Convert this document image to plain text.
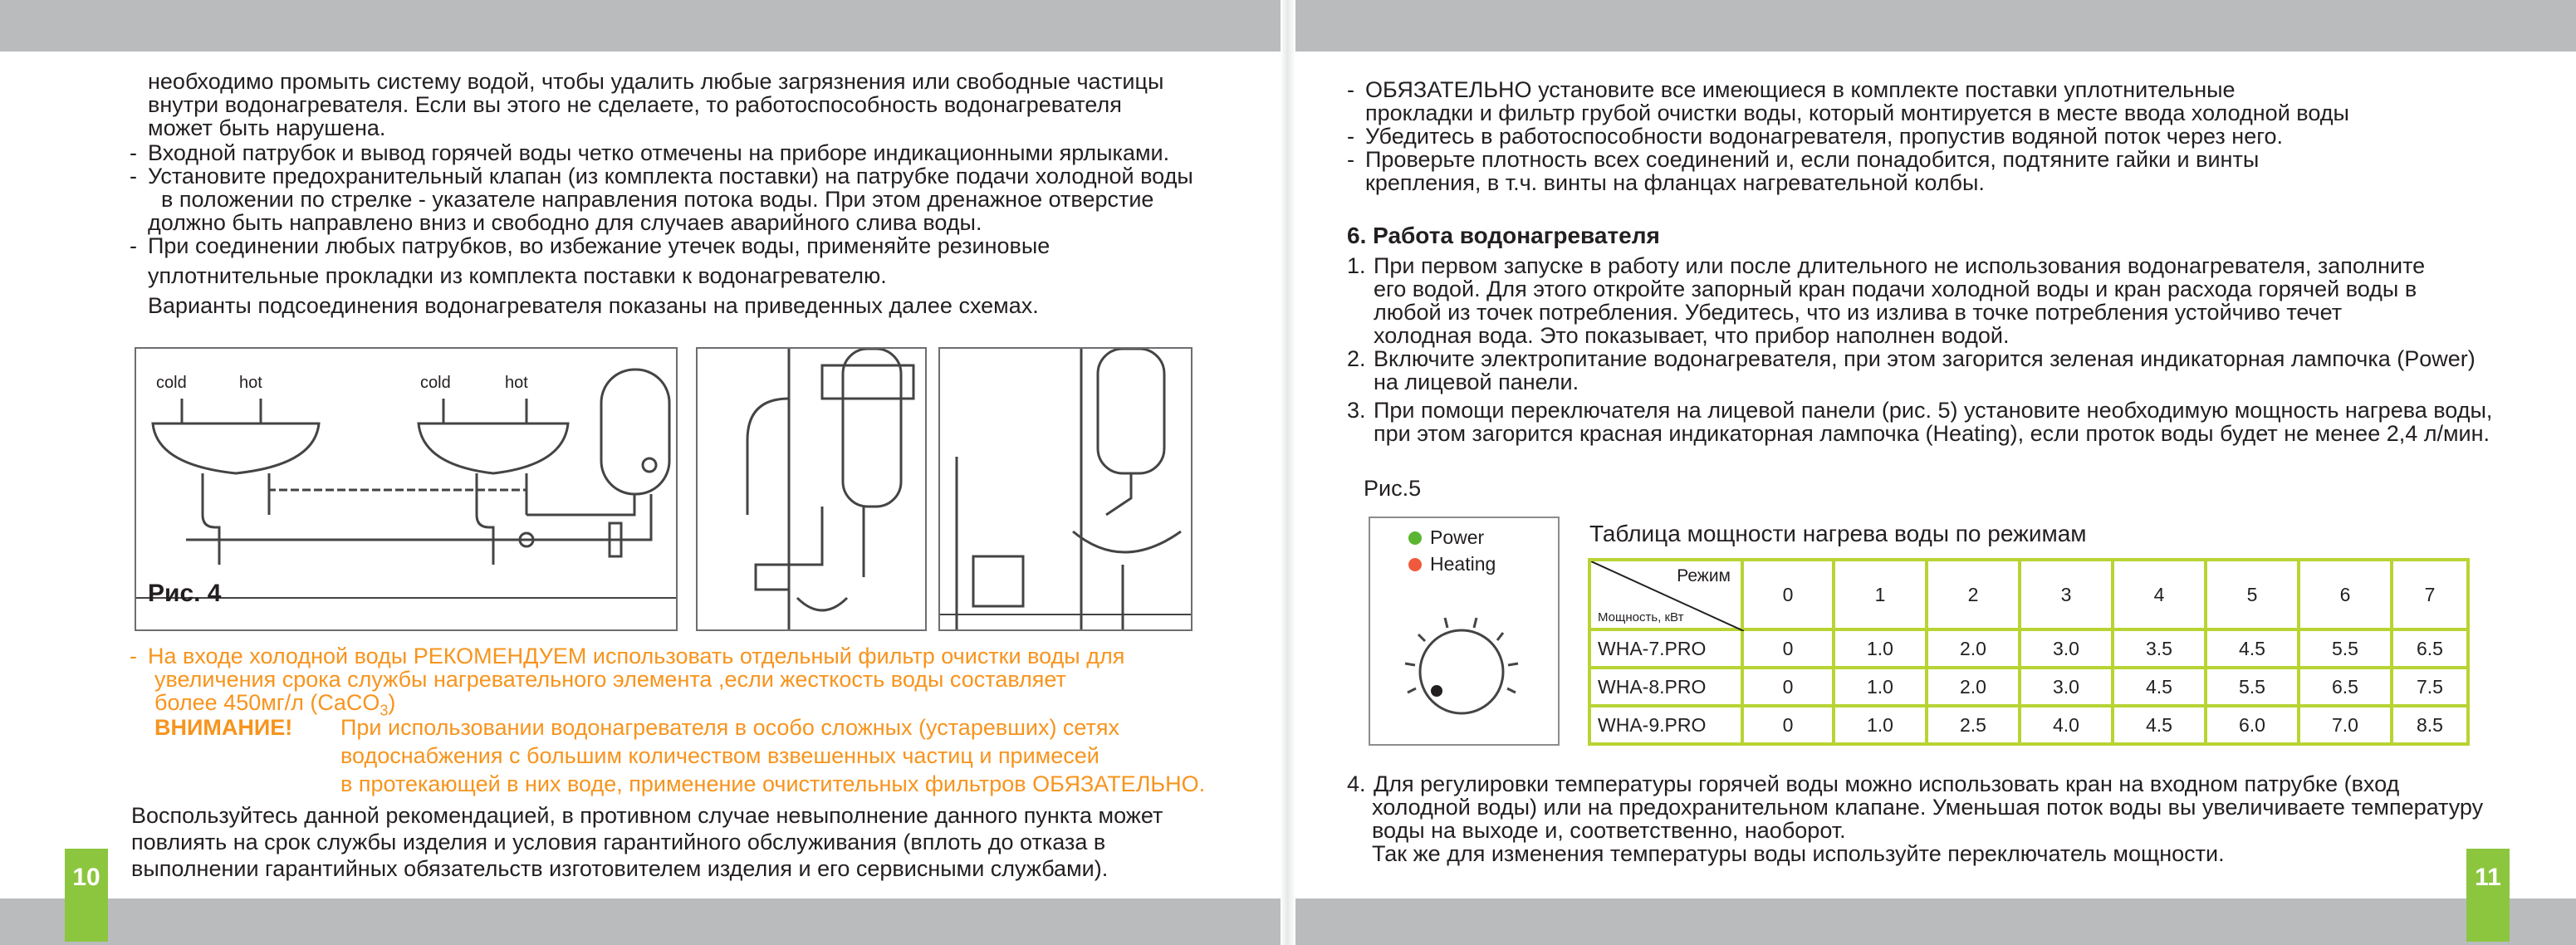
10	11

необходимо промыть систему водой, чтобы удалить любые загрязнения или свободные частицы

внутри водонагревателя. Если вы этого не сделаете, то работоспособность водонагревателя

может быть нарушена.

- Входной патрубок и вывод горячей воды четко отмечены на приборе индикационными ярлыками.

- Установите предохранительный клапан (из комплекта поставки) на патрубке подачи холодной воды

в положении по стрелке - указателе направления потока воды. При этом дренажное отверстие

должно быть направлено вниз и свободно для случаев аварийного слива воды.

- При соединении любых патрубков, во избежание утечек воды, применяйте резиновые

уплотнительные прокладки из комплекта поставки к водонагревателю.

Варианты подсоединения водонагревателя показаны на приведенных далее схемах.

cold	hot	cold	hot
Рис. 4

- На входе холодной воды РЕКОМЕНДУЕМ использовать отдельный фильтр очистки воды для

увеличения срока службы нагревательного элемента ,если жесткость воды составляет

более 450мг/л (CaCO$_3$)

ВНИМАНИЕ! При использовании водонагревателя в особо сложных (устаревших) сетях

водоснабжения с большим количеством взвешенных частиц и примесей

в протекающей в них воде, применение очистительных фильтров ОБЯЗАТЕЛЬНО.

Воспользуйтесь данной рекомендацией, в противном случае невыполнение данного пункта может

повлиять на срок службы изделия и условия гарантийного обслуживания (вплоть до отказа в

выполнении гарантийных обязательств изготовителем изделия и его сервисными службами).

- ОБЯЗАТЕЛЬНО установите все имеющиеся в комплекте поставки уплотнительные

прокладки и фильтр грубой очистки воды, который монтируется в месте ввода холодной воды

- Убедитесь в работоспособности водонагревателя, пропустив водяной поток через него.

- Проверьте плотность всех соединений и, если понадобится, подтяните гайки и винты

крепления, в т.ч. винты на фланцах нагревательной колбы.

6. Работа водонагревателя

1. При первом запуске в работу или после длительного не использования водонагревателя, заполните

его водой. Для этого откройте запорный кран подачи холодной воды и кран расхода горячей воды в

любой из точек потребления. Убедитесь, что из излива в точке потребления устойчиво течет

холодная вода. Это показывает, что прибор наполнен водой.

2. Включите электропитание водонагревателя, при этом загорится зеленая индикаторная лампочка (Power)

на лицевой панели.

3. При помощи переключателя на лицевой панели (рис. 5) установите необходимую мощность нагрева воды,

при этом загорится красная индикаторная лампочка (Heating), если проток воды будет не менее 2,4 л/мин.

Рис.5
Power
Heating
Таблица мощности нагрева воды по режимам
Режим
Мощность, кВт	0	1	2	3	4	5	6	7
WHA-7.PRO	0	1.0	2.0	3.0	3.5	4.5	5.5	6.5
WHA-8.PRO	0	1.0	2.0	3.0	4.5	5.5	6.5	7.5
WHA-9.PRO	0	1.0	2.5	4.0	4.5	6.0	7.0	8.5

4. Для регулировки температуры горячей воды можно использовать кран на входном патрубке (вход

холодной воды) или на предохранительном клапане. Уменьшая поток воды вы увеличиваете температуру

воды на выходе и, соответственно, наоборот.

Так же для изменения температуры воды используйте переключатель мощности.
